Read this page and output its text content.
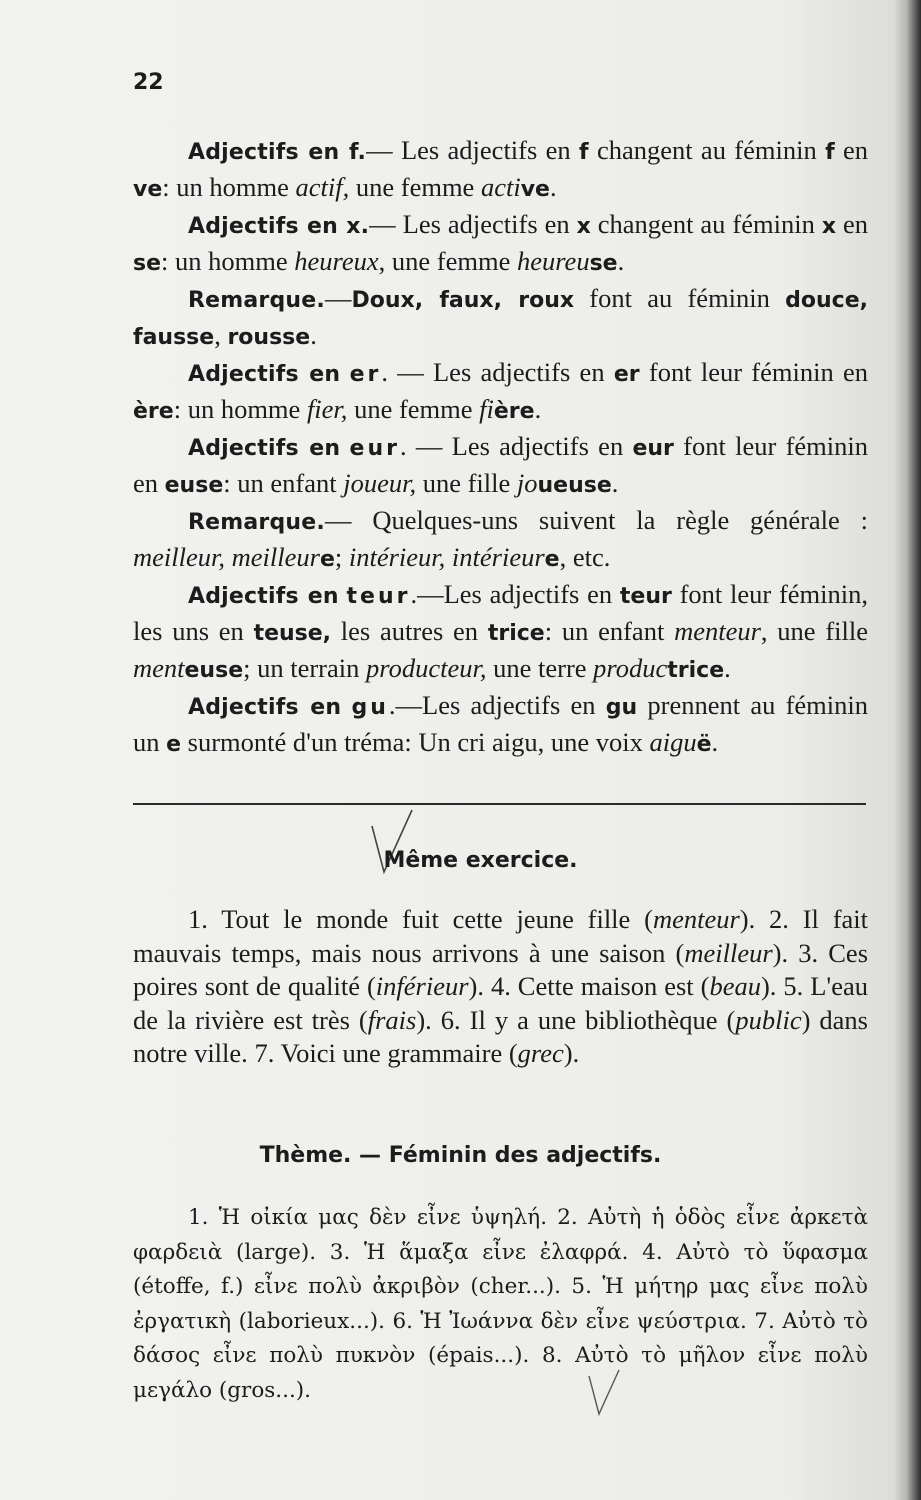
22

Adjectifs en f.— Les adjectifs en f changent au féminin f en ve: un homme actif, une femme active.

Adjectifs en x.— Les adjectifs en x changent au féminin x en se: un homme heureux, une femme heureuse.

Remarque.—Doux, faux, roux font au féminin douce, fausse, rousse.

Adjectifs en er. — Les adjectifs en er font leur féminin en ère: un homme fier, une femme fière.

Adjectifs en eur. — Les adjectifs en eur font leur féminin en euse: un enfant joueur, une fille joueuse.

Remarque.— Quelques-uns suivent la règle générale : meilleur, meilleure; intérieur, intérieure, etc.

Adjectifs en teur.—Les adjectifs en teur font leur féminin, les uns en teuse, les autres en trice: un enfant menteur, une fille menteuse; un terrain producteur, une terre productrice.

Adjectifs en gu.—Les adjectifs en gu prennent au féminin un e surmonté d'un tréma: Un cri aigu, une voix aiguë.

Même exercice.
1. Tout le monde fuit cette jeune fille (menteur). 2. Il fait mauvais temps, mais nous arrivons à une saison (meilleur). 3. Ces poires sont de qualité (inférieur). 4. Cette maison est (beau). 5. L'eau de la rivière est très (frais). 6. Il y a une bibliothèque (public) dans notre ville. 7. Voici une grammaire (grec).
Thème. — Féminin des adjectifs.
1. Ἡ οἰκία μας δὲν εἶνε ὑψηλή. 2. Αὐτὴ ἡ ὁδὸς εἶνε ἀρκετὰ φαρδειὰ (large). 3. Ἡ ἅμαξα εἶνε ἐλαφρά. 4. Αὐτὸ τὸ ὕφασμα (étoffe, f.) εἶνε πολὺ ἀκριβὸν (cher...). 5. Ἡ μήτηρ μας εἶνε πολὺ ἐργατικὴ (laborieux...). 6. Ἡ Ἰωάννα δὲν εἶνε ψεύστρια. 7. Αὐτὸ τὸ δάσος εἶνε πολὺ πυκνὸν (épais...). 8. Αὐτὸ τὸ μῆλον εἶνε πολὺ μεγάλο (gros...).
